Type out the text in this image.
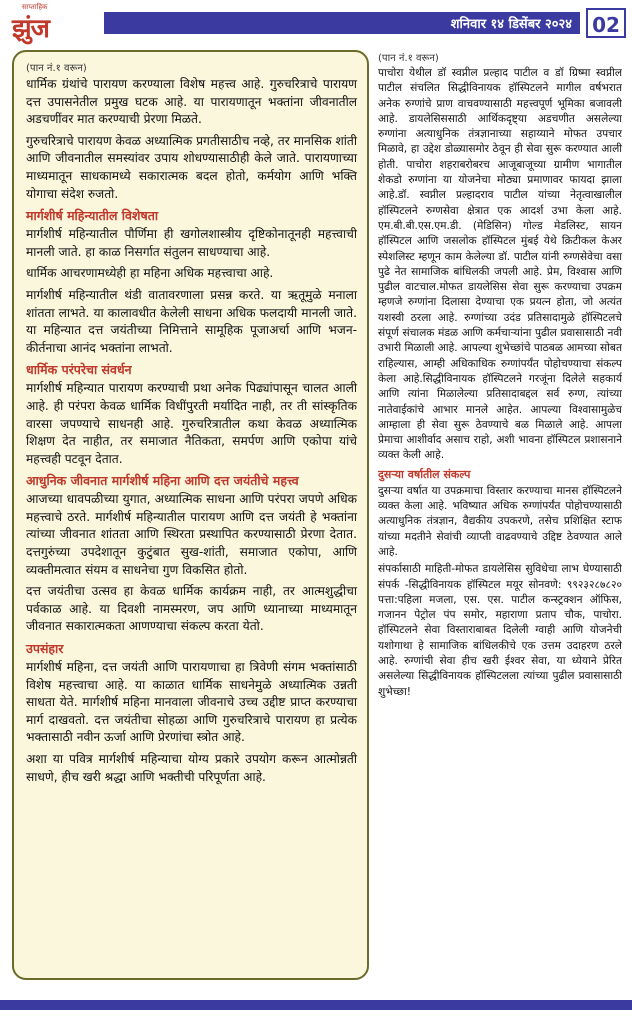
साप्ताहिक
झुंज	शनिवार १४ डिसेंबर २०२४	02
(पान नं.१ वरून)

धार्मिक ग्रंथांचे पारायण करण्याला विशेष महत्त्व आहे. गुरुचरित्राचे पारायण दत्त उपासनेतील प्रमुख घटक आहे. या पारायणातून भक्तांना जीवनातील अडचणींवर मात करण्याची प्रेरणा मिळते.

गुरुचरित्राचे पारायण केवळ अध्यात्मिक प्रगतीसाठीच नव्हे, तर मानसिक शांती आणि जीवनातील समस्यांवर उपाय शोधण्यासाठीही केले जाते. पारायणाच्या माध्यमातून साधकामध्ये सकारात्मक बदल होतो, कर्मयोग आणि भक्ति योगाचा संदेश रुजतो.

मार्गशीर्ष महिन्यातील विशेषता

मार्गशीर्ष महिन्यातील पौर्णिमा ही खगोलशास्त्रीय दृष्टिकोनातूनही महत्त्वाची मानली जाते. हा काळ निसर्गात संतुलन साधण्याचा आहे.

धार्मिक आचरणामध्येही हा महिना अधिक महत्त्वाचा आहे.

मार्गशीर्ष महिन्यातील थंडी वातावरणाला प्रसन्न करते. या ऋतूमुळे मनाला शांतता लाभते. या कालावधीत केलेली साधना अधिक फलदायी मानली जाते. या महिन्यात दत्त जयंतीच्या निमित्ताने सामूहिक पूजाअर्चा आणि भजन-कीर्तनाचा आनंद भक्तांना लाभतो.

धार्मिक परंपरेचा संवर्धन

मार्गशीर्ष महिन्यात पारायण करण्याची प्रथा अनेक पिढ्यांपासून चालत आली आहे. ही परंपरा केवळ धार्मिक विधींपुरती मर्यादित नाही, तर ती सांस्कृतिक वारसा जपण्याचे साधनही आहे. गुरुचरित्रातील कथा केवळ अध्यात्मिक शिक्षण देत नाहीत, तर समाजात नैतिकता, समर्पण आणि एकोपा यांचे महत्त्वही पटवून देतात.

आधुनिक जीवनात मार्गशीर्ष महिना आणि दत्त जयंतीचे महत्त्व

आजच्या धावपळीच्या युगात, अध्यात्मिक साधना आणि परंपरा जपणे अधिक महत्त्वाचे ठरते. मार्गशीर्ष महिन्यातील पारायण आणि दत्त जयंती हे भक्तांना त्यांच्या जीवनात शांतता आणि स्थिरता प्रस्थापित करण्यासाठी प्रेरणा देतात. दत्तगुरुंच्या उपदेशातून कुटुंबात सुख-शांती, समाजात एकोपा, आणि व्यक्तीमत्वात संयम व साधनेचा गुण विकसित होतो.

दत्त जयंतीचा उत्सव हा केवळ धार्मिक कार्यक्रम नाही, तर आत्मशुद्धीचा पर्वकाळ आहे. या दिवशी नामस्मरण, जप आणि ध्यानाच्या माध्यमातून जीवनात सकारात्मकता आणण्याचा संकल्प करता येतो.

उपसंहार

मार्गशीर्ष महिना, दत्त जयंती आणि पारायणाचा हा त्रिवेणी संगम भक्तांसाठी विशेष महत्त्वाचा आहे. या काळात धार्मिक साधनेमुळे अध्यात्मिक उन्नती साधता येते. मार्गशीर्ष महिना मानवाला जीवनाचे उच्च उद्दीष्ट प्राप्त करण्याचा मार्ग दाखवतो. दत्त जयंतीचा सोहळा आणि गुरुचरित्राचे पारायण हा प्रत्येक भक्तासाठी नवीन ऊर्जा आणि प्रेरणांचा स्त्रोत आहे.

अशा या पवित्र मार्गशीर्ष महिन्याचा योग्य प्रकारे उपयोग करून आत्मोन्नती साधणे, हीच खरी श्रद्धा आणि भक्तीची परिपूर्णता आहे.

(पान नं.१ वरून)

पाचोरा येथील डॉ स्वप्नील प्रल्हाद पाटील व डॉ ग्रिष्मा स्वप्नील पाटील संचलित सिद्धीविनायक हॉस्पिटलने मागील वर्षभरात अनेक रुग्णांचे प्राण वाचवण्यासाठी महत्त्वपूर्ण भूमिका बजावली आहे. डायलेसिससाठी आर्थिकदृष्ट्या अडचणीत असलेल्या रुग्णांना अत्याधुनिक तंत्रज्ञानाच्या सहाय्याने मोफत उपचार मिळावे, हा उद्देश डोळ्यासमोर ठेवून ही सेवा सुरू करण्यात आली होती. पाचोरा शहराबरोबरच आजूबाजूच्या ग्रामीण भागातील शेकडो रुग्णांना या योजनेचा मोठ्या प्रमाणावर फायदा झाला आहे.डॉ. स्वप्नील प्रल्हादराव पाटील यांच्या नेतृत्वाखालील हॉस्पिटलने रुग्णसेवा क्षेत्रात एक आदर्श उभा केला आहे. एम.बी.बी.एस.एम.डी. (मेडिसिन) गोल्ड मेडलिस्ट, सायन हॉस्पिटल आणि जसलोक हॉस्पिटल मुंबई येथे क्रिटीकल केअर स्पेशलिस्ट म्हणून काम केलेल्या डॉ. पाटील यांनी रुग्णसेवेचा वसा पुढे नेत सामाजिक बांधिलकी जपली आहे. प्रेम, विश्वास आणि पुढील वाटचाल.मोफत डायलेसिस सेवा सुरू करण्याचा उपक्रम म्हणजे रुग्णांना दिलासा देण्याचा एक प्रयत्न होता, जो अत्यंत यशस्वी ठरला आहे. रुग्णांच्या उदंड प्रतिसादामुळे हॉस्पिटलचे संपूर्ण संचालक मंडळ आणि कर्मचाऱ्यांना पुढील प्रवासासाठी नवी उभारी मिळाली आहे. आपल्या शुभेच्छांचे पाठबळ आमच्या सोबत राहिल्यास, आम्ही अधिकाधिक रुग्णांपर्यंत पोहोचण्याचा संकल्प केला आहे.सिद्धीविनायक हॉस्पिटलने गरजूंना दिलेले सहकार्य आणि त्यांना मिळालेल्या प्रतिसादाबद्दल सर्व रुग्ण, त्यांच्या नातेवाईकांचे आभार मानले आहेत. आपल्या विश्वासामुळेच आम्हाला ही सेवा सुरू ठेवण्याचे बळ मिळाले आहे. आपला प्रेमाचा आशीर्वाद असाच राहो, अशी भावना हॉस्पिटल प्रशासनाने व्यक्त केली आहे.

दुसऱ्या वर्षातील संकल्प

दुसऱ्या वर्षात या उपक्रमाचा विस्तार करण्याचा मानस हॉस्पिटलने व्यक्त केला आहे. भविष्यात अधिक रुग्णांपर्यंत पोहोचण्यासाठी अत्याधुनिक तंत्रज्ञान, वैद्यकीय उपकरणे, तसेच प्रशिक्षित स्टाफ यांच्या मदतीने सेवांची व्याप्ती वाढवण्याचे उद्दिष्ट ठेवण्यात आले आहे.

संपर्कासाठी माहिती-मोफत डायलेसिस सुविधेचा लाभ घेण्यासाठी संपर्क -सिद्धीविनायक हॉस्पिटल मयूर सोनवणे: ९९२३२८७८२० पत्ता:पहिला मजला, एस. एस. पाटील कन्स्ट्रक्शन ऑफिस, गजानन पेट्रोल पंप समोर, महाराणा प्रताप चौक, पाचोरा. हॉस्पिटलने सेवा विस्ताराबाबत दिलेली ग्वाही आणि योजनेची यशोगाथा हे सामाजिक बांधिलकीचे एक उत्तम उदाहरण ठरले आहे. रुग्णांची सेवा हीच खरी ईश्वर सेवा, या ध्येयाने प्रेरित असलेल्या सिद्धीविनायक हॉस्पिटलला त्यांच्या पुढील प्रवासासाठी शुभेच्छा!
